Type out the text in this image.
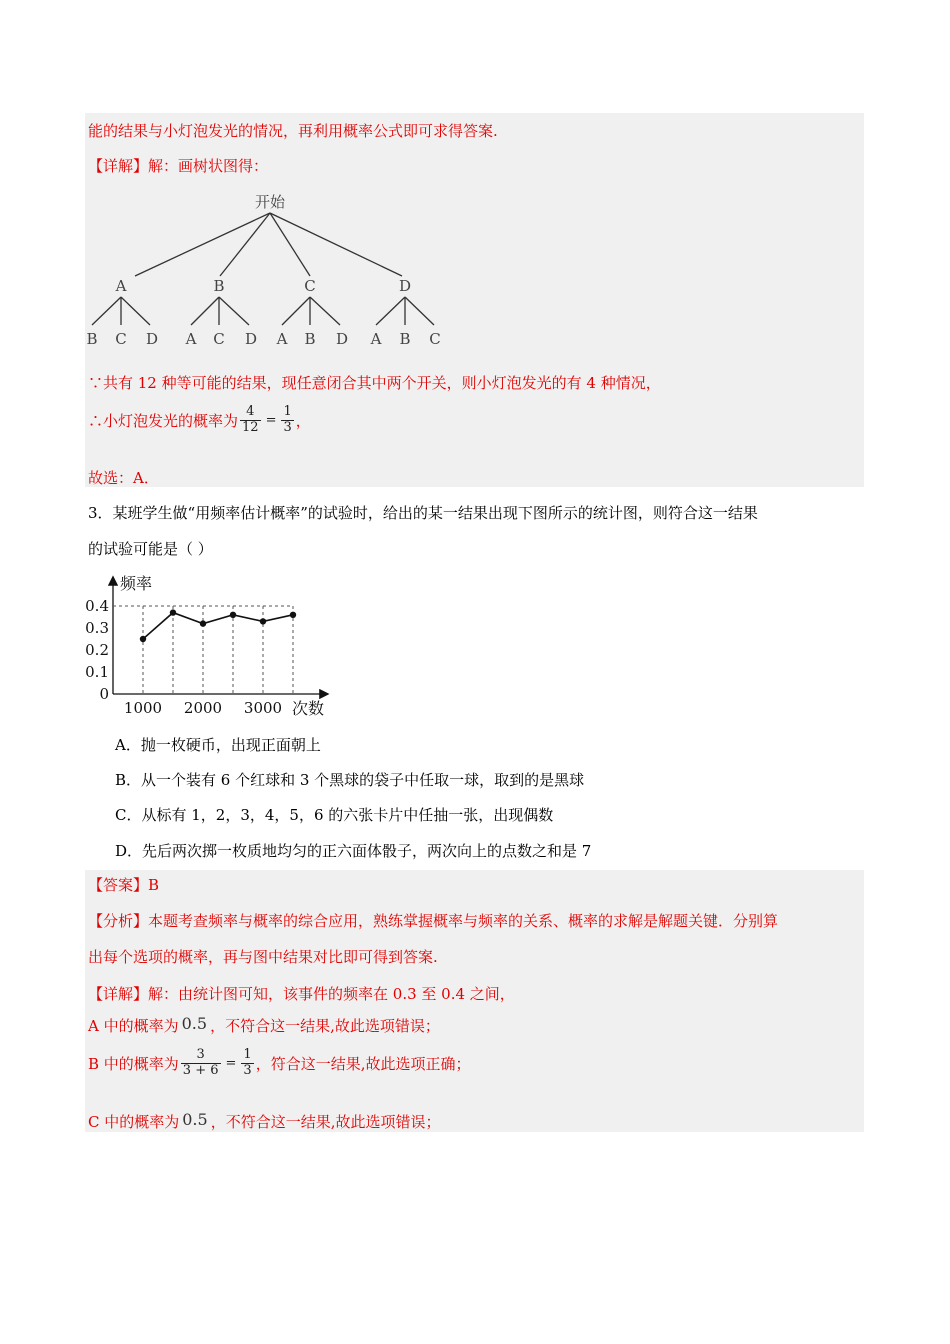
能的结果与小灯泡发光的情况，再利用概率公式即可求得答案.
【详解】解：画树状图得：
开始
A	B	C	D
B C D A C D A B D A B C
∵共有 12 种等可能的结果，现任意闭合其中两个开关，则小灯泡发光的有 4 种情况，
∴小灯泡发光的概率为 $\frac{4}{12} = \frac{1}{3}$ ，
故选：A．
3．某班学生做“用频率估计概率”的试验时，给出的某一结果出现下图所示的统计图，则符合这一结果
的试验可能是（ ）
0.4
0.3
0.2
0.1
0
1000 2000 3000
频率
次数
A．抛一枚硬币，出现正面朝上
B．从一个装有 6 个红球和 3 个黑球的袋子中任取一球，取到的是黑球
C．从标有 1，2，3，4，5，6 的六张卡片中任抽一张，出现偶数
D．先后两次掷一枚质地均匀的正六面体骰子，两次向上的点数之和是 7
【答案】B
【分析】本题考查频率与概率的综合应用，熟练掌握概率与频率的关系、概率的求解是解题关键．分别算
出每个选项的概率，再与图中结果对比即可得到答案.
【详解】解：由统计图可知，该事件的频率在 0.3 至 0.4 之间，
A 中的概率为 0.5 ，不符合这一结果,故此选项错误；
B 中的概率为 $\frac{3}{3 + 6} = \frac{1}{3}$ ，符合这一结果,故此选项正确；
C 中的概率为 0.5 ，不符合这一结果,故此选项错误；
